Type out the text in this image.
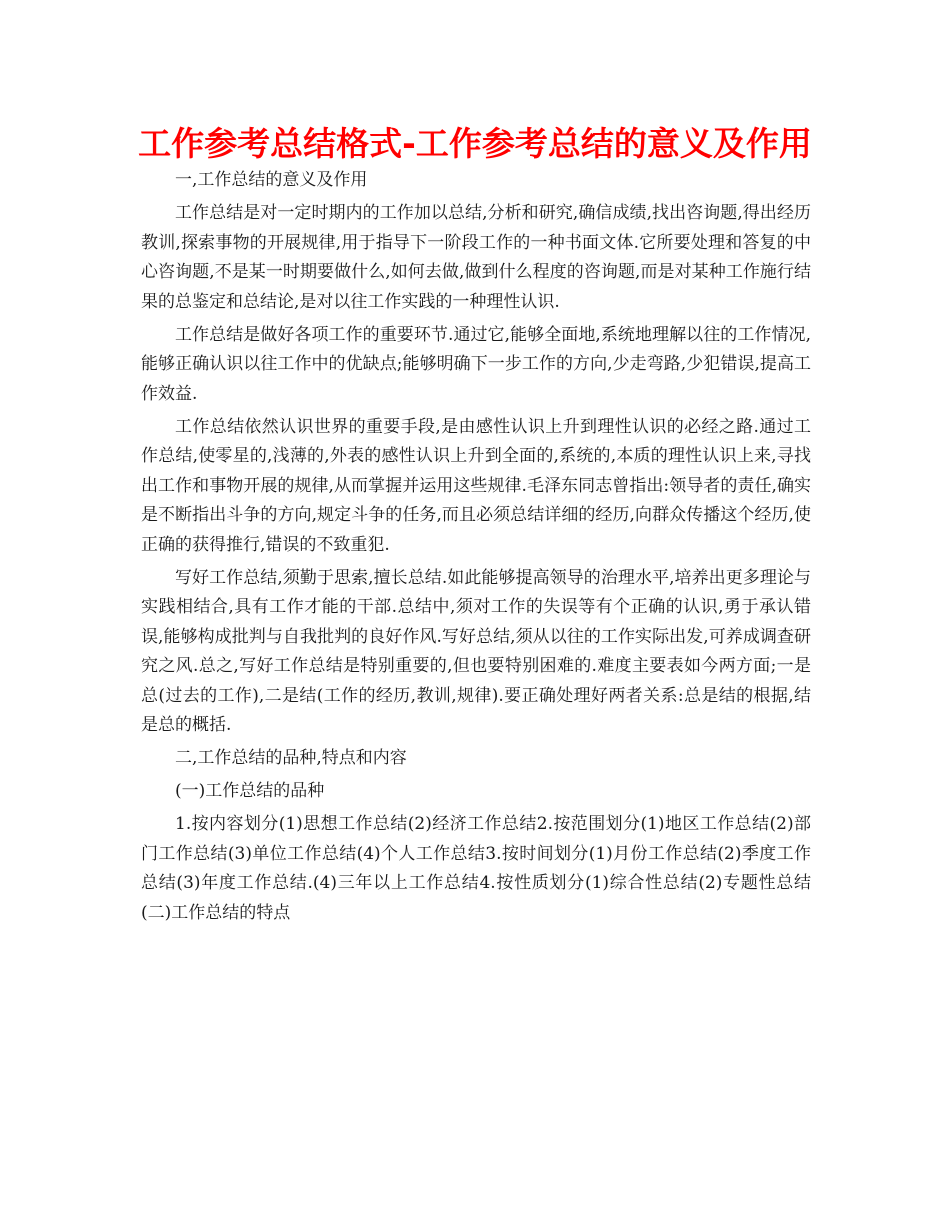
工作参考总结格式-工作参考总结的意义及作用

一,工作总结的意义及作用

工作总结是对一定时期内的工作加以总结,分析和研究,确信成绩,找出咨询题,得出经历教训,探索事物的开展规律,用于指导下一阶段工作的一种书面文体.它所要处理和答复的中心咨询题,不是某一时期要做什么,如何去做,做到什么程度的咨询题,而是对某种工作施行结果的总鉴定和总结论,是对以往工作实践的一种理性认识.

工作总结是做好各项工作的重要环节.通过它,能够全面地,系统地理解以往的工作情况,能够正确认识以往工作中的优缺点;能够明确下一步工作的方向,少走弯路,少犯错误,提高工作效益.

工作总结依然认识世界的重要手段,是由感性认识上升到理性认识的必经之路.通过工作总结,使零星的,浅薄的,外表的感性认识上升到全面的,系统的,本质的理性认识上来,寻找出工作和事物开展的规律,从而掌握并运用这些规律.毛泽东同志曾指出:领导者的责任,确实是不断指出斗争的方向,规定斗争的任务,而且必须总结详细的经历,向群众传播这个经历,使正确的获得推行,错误的不致重犯.

写好工作总结,须勤于思索,擅长总结.如此能够提高领导的治理水平,培养出更多理论与实践相结合,具有工作才能的干部.总结中,须对工作的失误等有个正确的认识,勇于承认错误,能够构成批判与自我批判的良好作风.写好总结,须从以往的工作实际出发,可养成调查研究之风.总之,写好工作总结是特别重要的,但也要特别困难的.难度主要表如今两方面;一是总(过去的工作),二是结(工作的经历,教训,规律).要正确处理好两者关系:总是结的根据,结是总的概括.

二,工作总结的品种,特点和内容

(一)工作总结的品种

1.按内容划分(1)思想工作总结(2)经济工作总结2.按范围划分(1)地区工作总结(2)部门工作总结(3)单位工作总结(4)个人工作总结3.按时间划分(1)月份工作总结(2)季度工作总结(3)年度工作总结.(4)三年以上工作总结4.按性质划分(1)综合性总结(2)专题性总结(二)工作总结的特点
